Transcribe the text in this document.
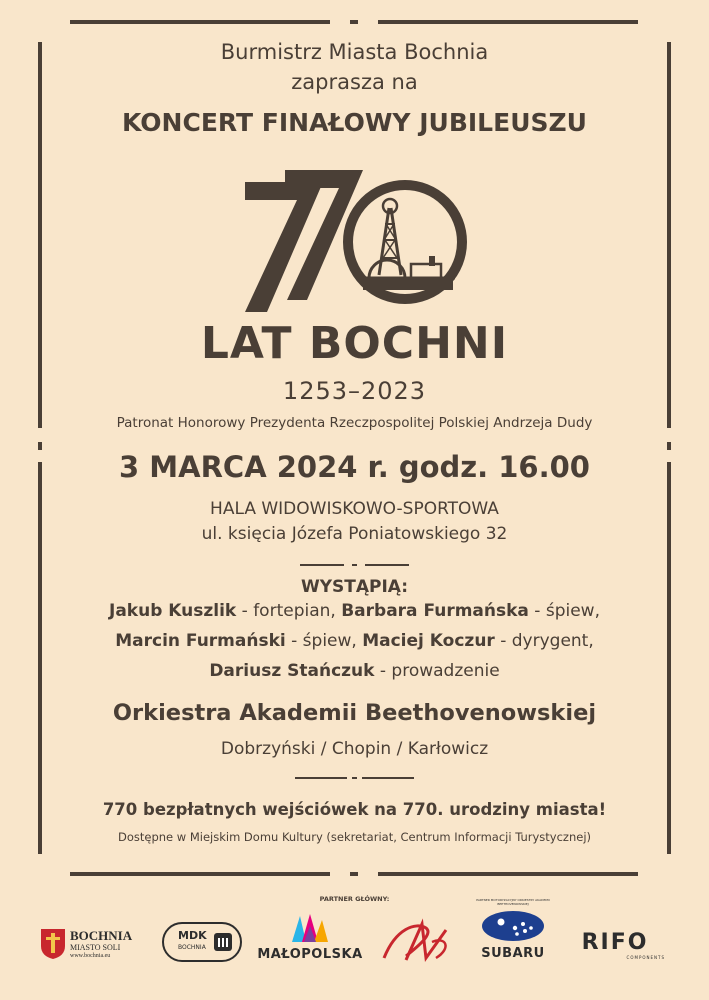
Burmistrz Miasta Bochnia
zaprasza na
KONCERT FINAŁOWY JUBILEUSZU
LAT BOCHNI
1253–2023
Patronat Honorowy Prezydenta Rzeczpospolitej Polskiej Andrzeja Dudy
3 MARCA 2024 r. godz. 16.00
HALA WIDOWISKOWO-SPORTOWA
ul. księcia Józefa Poniatowskiego 32
WYSTĄPIĄ:
Jakub Kuszlik - fortepian, Barbara Furmańska - śpiew,
Marcin Furmański - śpiew, Maciej Koczur - dyrygent,
Dariusz Stańczuk - prowadzenie
Orkiestra Akademii Beethovenowskiej
Dobrzyński / Chopin / Karłowicz
770 bezpłatnych wejściówek na 770. urodziny miasta!
Dostępne w Miejskim Domu Kultury (sekretariat, Centrum Informacji Turystycznej)
PARTNER GŁÓWNY:
BOCHNIA
MIASTO SOLI
www.bochnia.eu
MDK
BOCHNIA	MAŁOPOLSKA
PARTNER MOTORYZACYJNY ORKIESTRY AKADEMII BEETHOVENOWSKIEJ
SUBARU	RIFO
COMPONENTS
